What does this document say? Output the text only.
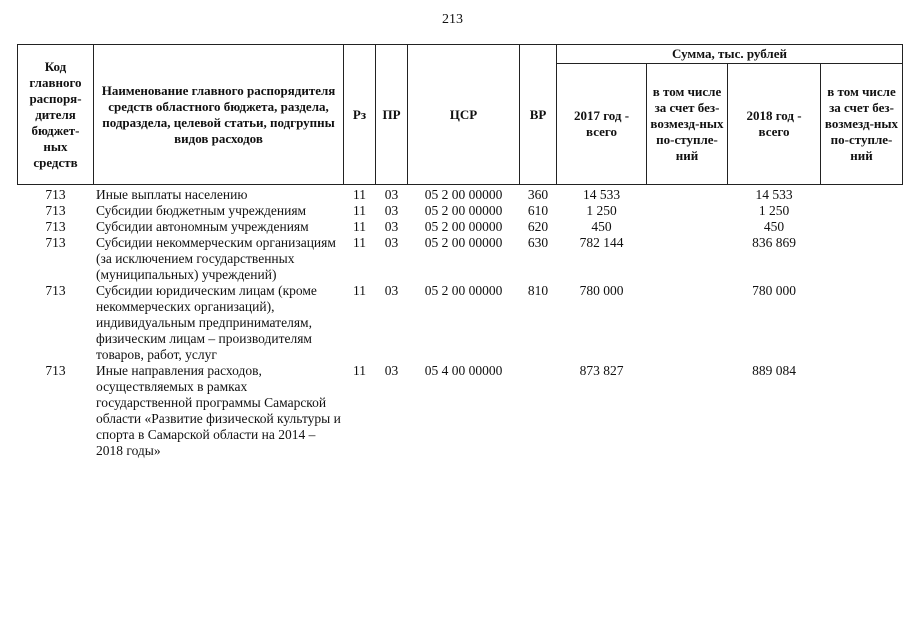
213
Код главного распоря-дителя бюджет-ных средств	Наименование главного распорядителя средств областного бюджета, раздела, подраздела, целевой статьи, подгрупны видов расходов	Рз	ПР	ЦСР	ВР	Сумма, тыс. рублей			
						2017 год - всего	в том числе за счет без-возмезд-ных по-ступле-ний	2018 год - всего	в том числе за счет без-возмезд-ных по-ступле-ний
713	Иные выплаты населению	11	03	05 2 00 00000	360	14 533		14 533	
713	Субсидии бюджетным учреждениям	11	03	05 2 00 00000	610	1 250		1 250	
713	Субсидии автономным учреждениям	11	03	05 2 00 00000	620	450		450	
713	Субсидии некоммерческим организациям (за исключением государственных (муниципальных) учреждений)	11	03	05 2 00 00000	630	782 144		836 869	
713	Субсидии юридическим лицам (кроме некоммерческих организаций), индивидуальным предпринимателям, физическим лицам – производителям товаров, работ, услуг	11	03	05 2 00 00000	810	780 000		780 000	
713	Иные направления расходов, осуществляемых в рамках государственной программы Самарской области «Развитие физической культуры и спорта в Самарской области на 2014 – 2018 годы»	11	03	05 4 00 00000		873 827		889 084	
